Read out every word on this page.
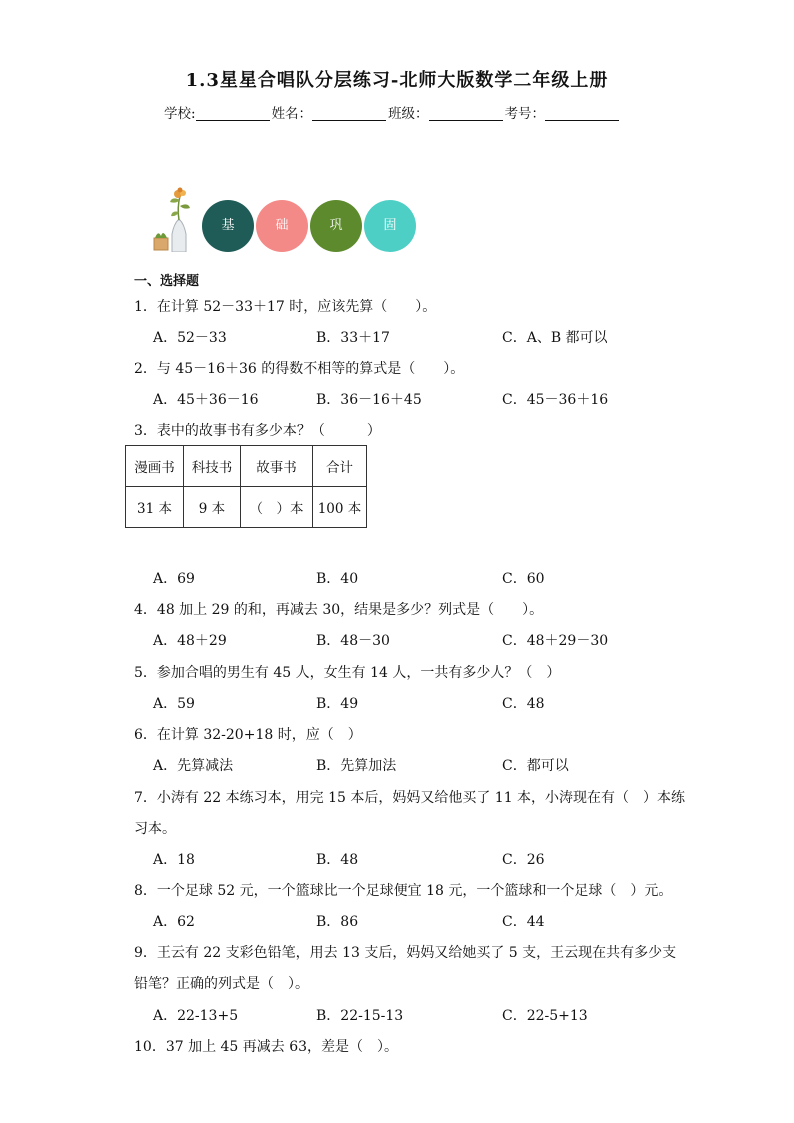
1.3星星合唱队分层练习-北师大版数学二年级上册
学校:	姓名：	班级：	考号：
基	础	巩	固
一、选择题
1．在计算 52－33＋17 时，应该先算（　　）。
A．52－33	B．33＋17	C．A、B 都可以
2．与 45－16＋36 的得数不相等的算式是（　　）。
A．45＋36－16	B．36－16＋45	C．45－36＋16
3．表中的故事书有多少本？（　　　）
漫画书	科技书	故事书	合计
31 本	9 本	（　）本	100 本
A．69	B．40	C．60
4．48 加上 29 的和，再减去 30，结果是多少？列式是（　　）。
A．48＋29	B．48－30	C．48＋29－30
5．参加合唱的男生有 45 人，女生有 14 人，一共有多少人？（　）
A．59	B．49	C．48
6．在计算 32-20+18 时，应（　）
A．先算减法	B．先算加法	C．都可以
7．小涛有 22 本练习本，用完 15 本后，妈妈又给他买了 11 本，小涛现在有（　）本练
习本。
A．18	B．48	C．26
8．一个足球 52 元，一个篮球比一个足球便宜 18 元，一个篮球和一个足球（　）元。
A．62	B．86	C．44
9．王云有 22 支彩色铅笔，用去 13 支后，妈妈又给她买了 5 支，王云现在共有多少支
铅笔？正确的列式是（　）。
A．22-13+5	B．22-15-13	C．22-5+13
10．37 加上 45 再减去 63，差是（　）。
